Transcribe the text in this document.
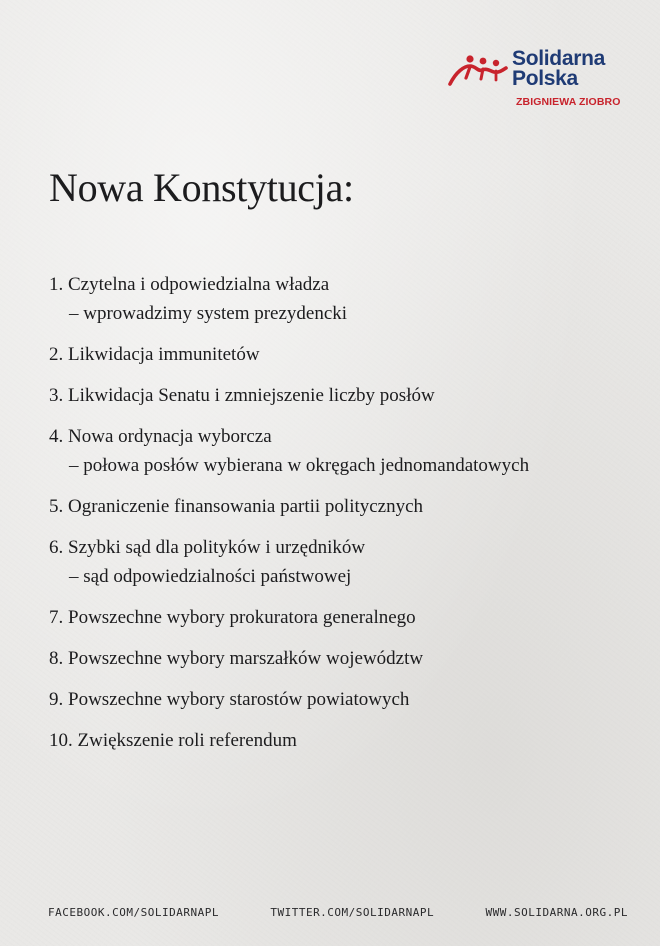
Solidarna
Polska
ZBIGNIEWA ZIOBRO
Nowa Konstytucja:
1. Czytelna i odpowiedzialna władza
– wprowadzimy system prezydencki
2. Likwidacja immunitetów
3. Likwidacja Senatu i zmniejszenie liczby posłów
4. Nowa ordynacja wyborcza
– połowa posłów wybierana w okręgach jednomandatowych
5. Ograniczenie finansowania partii politycznych
6. Szybki sąd dla polityków i urzędników
– sąd odpowiedzialności państwowej
7. Powszechne wybory prokuratora generalnego
8. Powszechne wybory marszałków województw
9. Powszechne wybory starostów powiatowych
10. Zwiększenie roli referendum
FACEBOOK.COM/SOLIDARNAPL	TWITTER.COM/SOLIDARNAPL	WWW.SOLIDARNA.ORG.PL
